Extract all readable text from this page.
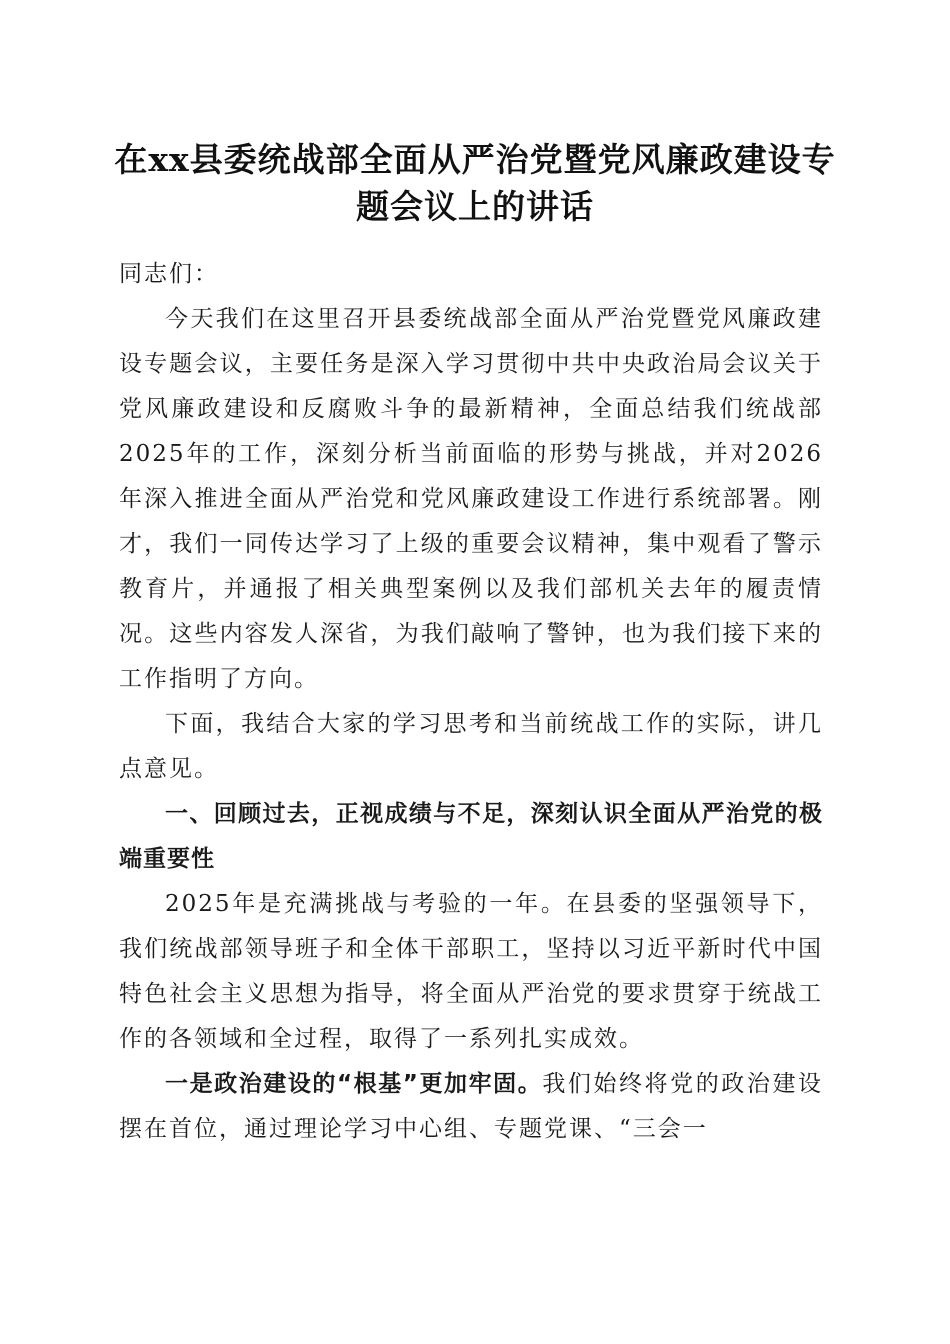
在xx县委统战部全面从严治党暨党风廉政建设专题会议上的讲话

同志们：

今天我们在这里召开县委统战部全面从严治党暨党风廉政建设专题会议，主要任务是深入学习贯彻中共中央政治局会议关于党风廉政建设和反腐败斗争的最新精神，全面总结我们统战部2025年的工作，深刻分析当前面临的形势与挑战，并对2026年深入推进全面从严治党和党风廉政建设工作进行系统部署。刚才，我们一同传达学习了上级的重要会议精神，集中观看了警示教育片，并通报了相关典型案例以及我们部机关去年的履责情况。这些内容发人深省，为我们敲响了警钟，也为我们接下来的工作指明了方向。

下面，我结合大家的学习思考和当前统战工作的实际，讲几点意见。

一、回顾过去，正视成绩与不足，深刻认识全面从严治党的极端重要性

2025年是充满挑战与考验的一年。在县委的坚强领导下，我们统战部领导班子和全体干部职工，坚持以习近平新时代中国特色社会主义思想为指导，将全面从严治党的要求贯穿于统战工作的各领域和全过程，取得了一系列扎实成效。

一是政治建设的“根基”更加牢固。我们始终将党的政治建设摆在首位，通过理论学习中心组、专题党课、“三会一
